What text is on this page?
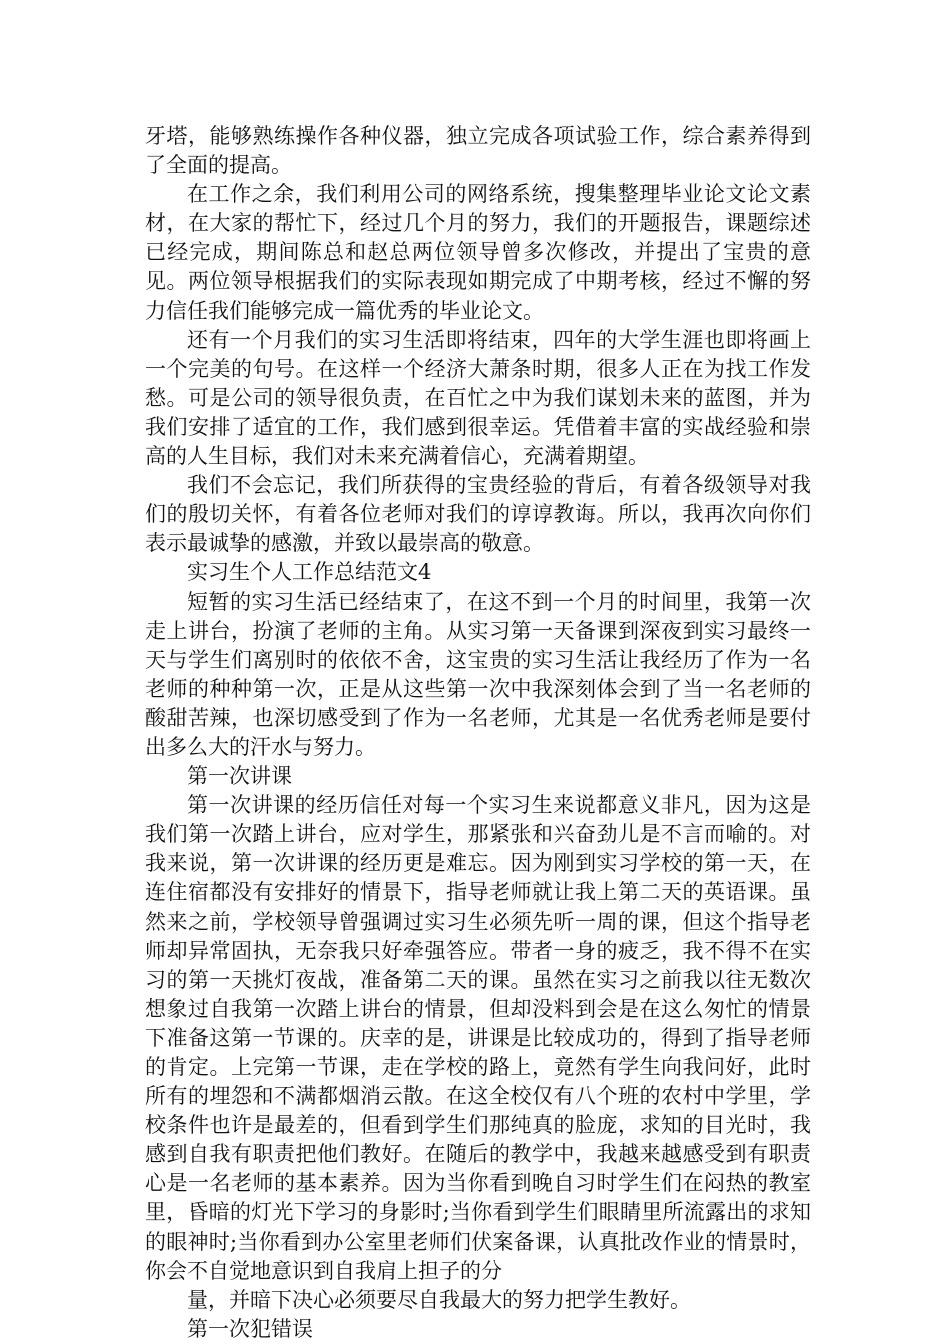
牙塔，能够熟练操作各种仪器，独立完成各项试验工作，综合素养得到了全面的提高。

在工作之余，我们利用公司的网络系统，搜集整理毕业论文论文素材，在大家的帮忙下，经过几个月的努力，我们的开题报告，课题综述已经完成，期间陈总和赵总两位领导曾多次修改，并提出了宝贵的意见。两位领导根据我们的实际表现如期完成了中期考核，经过不懈的努力信任我们能够完成一篇优秀的毕业论文。

还有一个月我们的实习生活即将结束，四年的大学生涯也即将画上一个完美的句号。在这样一个经济大萧条时期，很多人正在为找工作发愁。可是公司的领导很负责，在百忙之中为我们谋划未来的蓝图，并为我们安排了适宜的工作，我们感到很幸运。凭借着丰富的实战经验和崇高的人生目标，我们对未来充满着信心，充满着期望。

我们不会忘记，我们所获得的宝贵经验的背后，有着各级领导对我们的殷切关怀，有着各位老师对我们的谆谆教诲。所以，我再次向你们表示最诚挚的感激，并致以最崇高的敬意。

实习生个人工作总结范文4

短暂的实习生活已经结束了，在这不到一个月的时间里，我第一次走上讲台，扮演了老师的主角。从实习第一天备课到深夜到实习最终一天与学生们离别时的依依不舍，这宝贵的实习生活让我经历了作为一名老师的种种第一次，正是从这些第一次中我深刻体会到了当一名老师的酸甜苦辣，也深切感受到了作为一名老师，尤其是一名优秀老师是要付出多么大的汗水与努力。

第一次讲课

第一次讲课的经历信任对每一个实习生来说都意义非凡，因为这是我们第一次踏上讲台，应对学生，那紧张和兴奋劲儿是不言而喻的。对我来说，第一次讲课的经历更是难忘。因为刚到实习学校的第一天，在连住宿都没有安排好的情景下，指导老师就让我上第二天的英语课。虽然来之前，学校领导曾强调过实习生必须先听一周的课，但这个指导老师却异常固执，无奈我只好牵强答应。带者一身的疲乏，我不得不在实习的第一天挑灯夜战，准备第二天的课。虽然在实习之前我以往无数次想象过自我第一次踏上讲台的情景，但却没料到会是在这么匆忙的情景下准备这第一节课的。庆幸的是，讲课是比较成功的，得到了指导老师的肯定。上完第一节课，走在学校的路上，竟然有学生向我问好，此时所有的埋怨和不满都烟消云散。在这全校仅有八个班的农村中学里，学校条件也许是最差的，但看到学生们那纯真的脸庞，求知的目光时，我感到自我有职责把他们教好。在随后的教学中，我越来越感受到有职责心是一名老师的基本素养。因为当你看到晚自习时学生们在闷热的教室里，昏暗的灯光下学习的身影时;当你看到学生们眼睛里所流露出的求知的眼神时;当你看到办公室里老师们伏案备课，认真批改作业的情景时，你会不自觉地意识到自我肩上担子的分

量，并暗下决心必须要尽自我最大的努力把学生教好。

第一次犯错误
